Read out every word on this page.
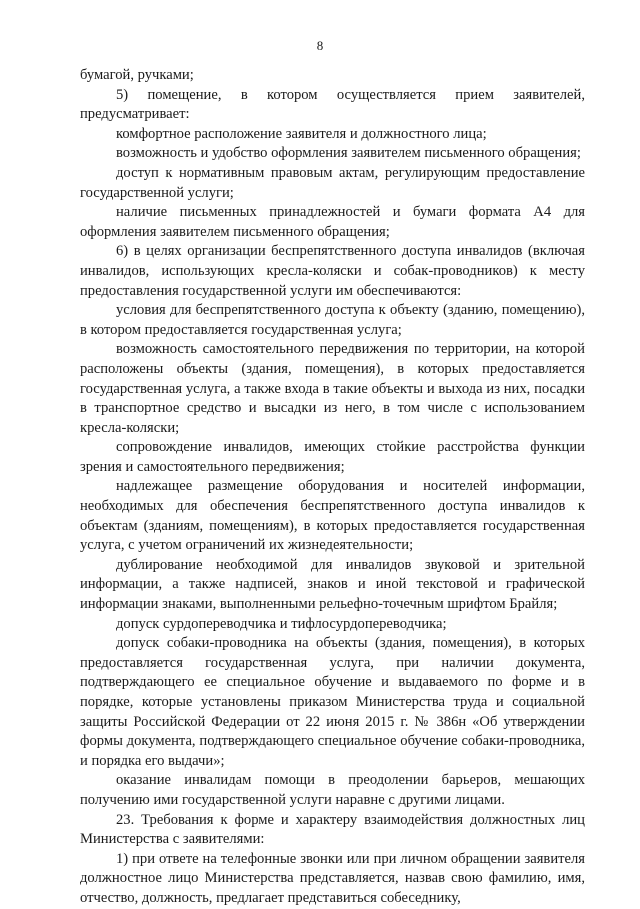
8

бумагой, ручками;

5) помещение, в котором осуществляется прием заявителей, предусматривает:

комфортное расположение заявителя и должностного лица;

возможность и удобство оформления заявителем письменного обращения;

доступ к нормативным правовым актам, регулирующим предоставление государственной услуги;

наличие письменных принадлежностей и бумаги формата А4 для оформления заявителем письменного обращения;

6) в целях организации беспрепятственного доступа инвалидов (включая инвалидов, использующих кресла-коляски и собак-проводников) к месту предоставления государственной услуги им обеспечиваются:

условия для беспрепятственного доступа к объекту (зданию, помещению), в котором предоставляется государственная услуга;

возможность самостоятельного передвижения по территории, на которой расположены объекты (здания, помещения), в которых предоставляется государственная услуга, а также входа в такие объекты и выхода из них, посадки в транспортное средство и высадки из него, в том числе с использованием кресла-коляски;

сопровождение инвалидов, имеющих стойкие расстройства функции зрения и самостоятельного передвижения;

надлежащее размещение оборудования и носителей информации, необходимых для обеспечения беспрепятственного доступа инвалидов к объектам (зданиям, помещениям), в которых предоставляется государственная услуга, с учетом ограничений их жизнедеятельности;

дублирование необходимой для инвалидов звуковой и зрительной информации, а также надписей, знаков и иной текстовой и графической информации знаками, выполненными рельефно-точечным шрифтом Брайля;

допуск сурдопереводчика и тифлосурдопереводчика;

допуск собаки-проводника на объекты (здания, помещения), в которых предоставляется государственная услуга, при наличии документа, подтверждающего ее специальное обучение и выдаваемого по форме и в порядке, которые установлены приказом Министерства труда и социальной защиты Российской Федерации от 22 июня 2015 г. № 386н «Об утверждении формы документа, подтверждающего специальное обучение собаки-проводника, и порядка его выдачи»;

оказание инвалидам помощи в преодолении барьеров, мешающих получению ими государственной услуги наравне с другими лицами.

23. Требования к форме и характеру взаимодействия должностных лиц Министерства с заявителями:

1) при ответе на телефонные звонки или при личном обращении заявителя должностное лицо Министерства представляется, назвав свою фамилию, имя, отчество, должность, предлагает представиться собеседнику,
